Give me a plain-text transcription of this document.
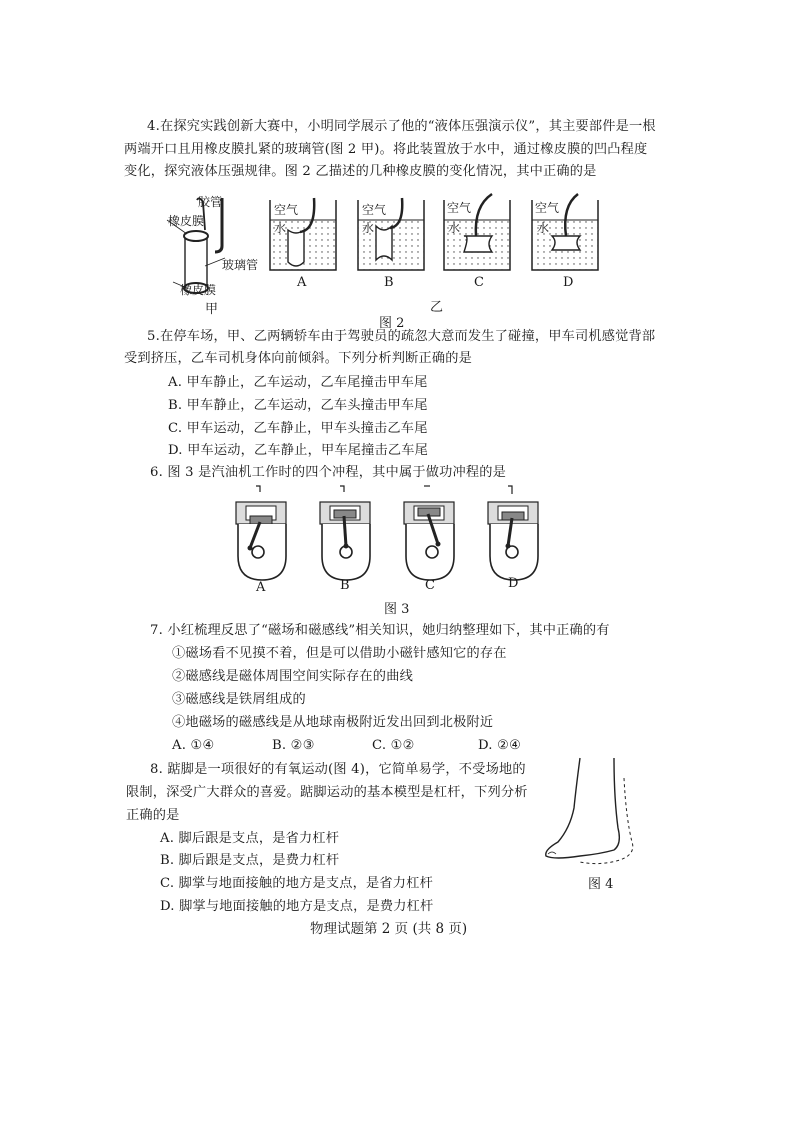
4.在探究实践创新大赛中，小明同学展示了他的“液体压强演示仪”，其主要部件是一根
两端开口且用橡皮膜扎紧的玻璃管(图 2 甲)。将此装置放于水中，通过橡皮膜的凹凸程度
变化，探究液体压强规律。图 2 乙描述的几种橡皮膜的变化情况，其中正确的是
胶管
橡皮膜
玻璃管
橡皮膜
甲
空气
水
空气
水
空气
水
空气
水
A	B	C	D
乙
图 2
5.在停车场，甲、乙两辆轿车由于驾驶员的疏忽大意而发生了碰撞，甲车司机感觉背部
受到挤压，乙车司机身体向前倾斜。下列分析判断正确的是
A. 甲车静止，乙车运动，乙车尾撞击甲车尾
B. 甲车静止，乙车运动，乙车头撞击甲车尾
C. 甲车运动，乙车静止，甲车头撞击乙车尾
D. 甲车运动，乙车静止，甲车尾撞击乙车尾
6. 图 3 是汽油机工作时的四个冲程，其中属于做功冲程的是
A	B	C	D
图 3
7. 小红梳理反思了“磁场和磁感线”相关知识，她归纳整理如下，其中正确的有
①磁场看不见摸不着，但是可以借助小磁针感知它的存在
②磁感线是磁体周围空间实际存在的曲线
③磁感线是铁屑组成的
④地磁场的磁感线是从地球南极附近发出回到北极附近
A. ①④	B. ②③	C. ①②	D. ②④
8. 踮脚是一项很好的有氧运动(图 4)，它简单易学，不受场地的
限制，深受广大群众的喜爱。踮脚运动的基本模型是杠杆，下列分析
正确的是
A. 脚后跟是支点，是省力杠杆
B. 脚后跟是支点，是费力杠杆
C. 脚掌与地面接触的地方是支点，是省力杠杆
D. 脚掌与地面接触的地方是支点，是费力杠杆
图 4
物理试题第 2 页 (共 8 页)
